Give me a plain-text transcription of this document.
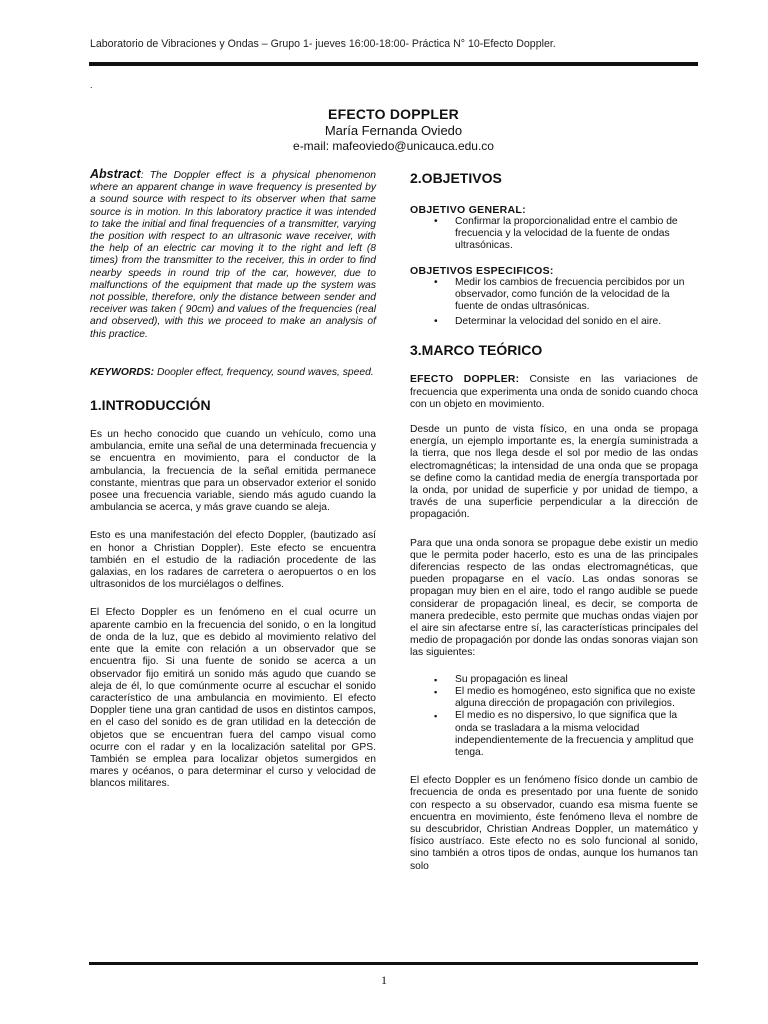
Laboratorio de Vibraciones y Ondas – Grupo 1- jueves 16:00-18:00- Práctica N° 10-Efecto Doppler.
.
EFECTO DOPPLER
María Fernanda Oviedo
e-mail: mafeoviedo@unicauca.edu.co

Abstract: The Doppler effect is a physical phenomenon where an apparent change in wave frequency is presented by a sound source with respect to its observer when that same source is in motion. In this laboratory practice it was intended to take the initial and final frequencies of a transmitter, varying the position with respect to an ultrasonic wave receiver, with the help of an electric car moving it to the right and left (8 times) from the transmitter to the receiver, this in order to find nearby speeds in round trip of the car, however, due to malfunctions of the equipment that made up the system was not possible, therefore, only the distance between sender and receiver was taken ( 90cm) and values of the frequencies (real and observed), with this we proceed to make an analysis of this practice.

KEYWORDS: Doopler effect, frequency, sound waves, speed.

1.INTRODUCCIÓN

Es un hecho conocido que cuando un vehículo, como una ambulancia, emite una señal de una determinada frecuencia y se encuentra en movimiento, para el conductor de la ambulancia, la frecuencia de la señal emitida permanece constante, mientras que para un observador exterior el sonido posee una frecuencia variable, siendo más agudo cuando la ambulancia se acerca, y más grave cuando se aleja.

Esto es una manifestación del efecto Doppler, (bautizado así en honor a Christian Doppler). Este efecto se encuentra también en el estudio de la radiación procedente de las galaxias, en los radares de carretera o aeropuertos o en los ultrasonidos de los murciélagos o delfines.

El Efecto Doppler es un fenómeno en el cual ocurre un aparente cambio en la frecuencia del sonido, o en la longitud de onda de la luz, que es debido al movimiento relativo del ente que la emite con relación a un observador que se encuentra fijo. Si una fuente de sonido se acerca a un observador fijo emitirá un sonido más agudo que cuando se aleja de él, lo que comúnmente ocurre al escuchar el sonido característico de una ambulancia en movimiento. El efecto Doppler tiene una gran cantidad de usos en distintos campos, en el caso del sonido es de gran utilidad en la detección de objetos que se encuentran fuera del campo visual como ocurre con el radar y en la localización satelital por GPS. También se emplea para localizar objetos sumergidos en mares y océanos, o para determinar el curso y velocidad de blancos militares.

2.OBJETIVOS
OBJETIVO GENERAL:
• Confirmar la proporcionalidad entre el cambio de frecuencia y la velocidad de la fuente de ondas ultrasónicas.
OBJETIVOS ESPECIFICOS:
• Medir los cambios de frecuencia percibidos por un observador, como función de la velocidad de la fuente de ondas ultrasónicas.
• Determinar la velocidad del sonido en el aire.
3.MARCO TEÓRICO

EFECTO DOPPLER: Consiste en las variaciones de frecuencia que experimenta una onda de sonido cuando choca con un objeto en movimiento.

Desde un punto de vista físico, en una onda se propaga energía, un ejemplo importante es, la energía suministrada a la tierra, que nos llega desde el sol por medio de las ondas electromagnéticas; la intensidad de una onda que se propaga se define como la cantidad media de energía transportada por la onda, por unidad de superficie y por unidad de tiempo, a través de una superficie perpendicular a la dirección de propagación.

Para que una onda sonora se propague debe existir un medio que le permita poder hacerlo, esto es una de las principales diferencias respecto de las ondas electromagnéticas, que pueden propagarse en el vacío. Las ondas sonoras se propagan muy bien en el aire, todo el rango audible se puede considerar de propagación lineal, es decir, se comporta de manera predecible, esto permite que muchas ondas viajen por el aire sin afectarse entre sí, las características principales del medio de propagación por donde las ondas sonoras viajan son las siguientes:

▪ Su propagación es lineal
▪ El medio es homogéneo, esto significa que no existe alguna dirección de propagación con privilegios.
▪ El medio es no dispersivo, lo que significa que la onda se trasladara a la misma velocidad independientemente de la frecuencia y amplitud que tenga.

El efecto Doppler es un fenómeno físico donde un cambio de frecuencia de onda es presentado por una fuente de sonido con respecto a su observador, cuando esa misma fuente se encuentra en movimiento, éste fenómeno lleva el nombre de su descubridor, Christian Andreas Doppler, un matemático y físico austríaco. Este efecto no es solo funcional al sonido, sino también a otros tipos de ondas, aunque los humanos tan solo

1
